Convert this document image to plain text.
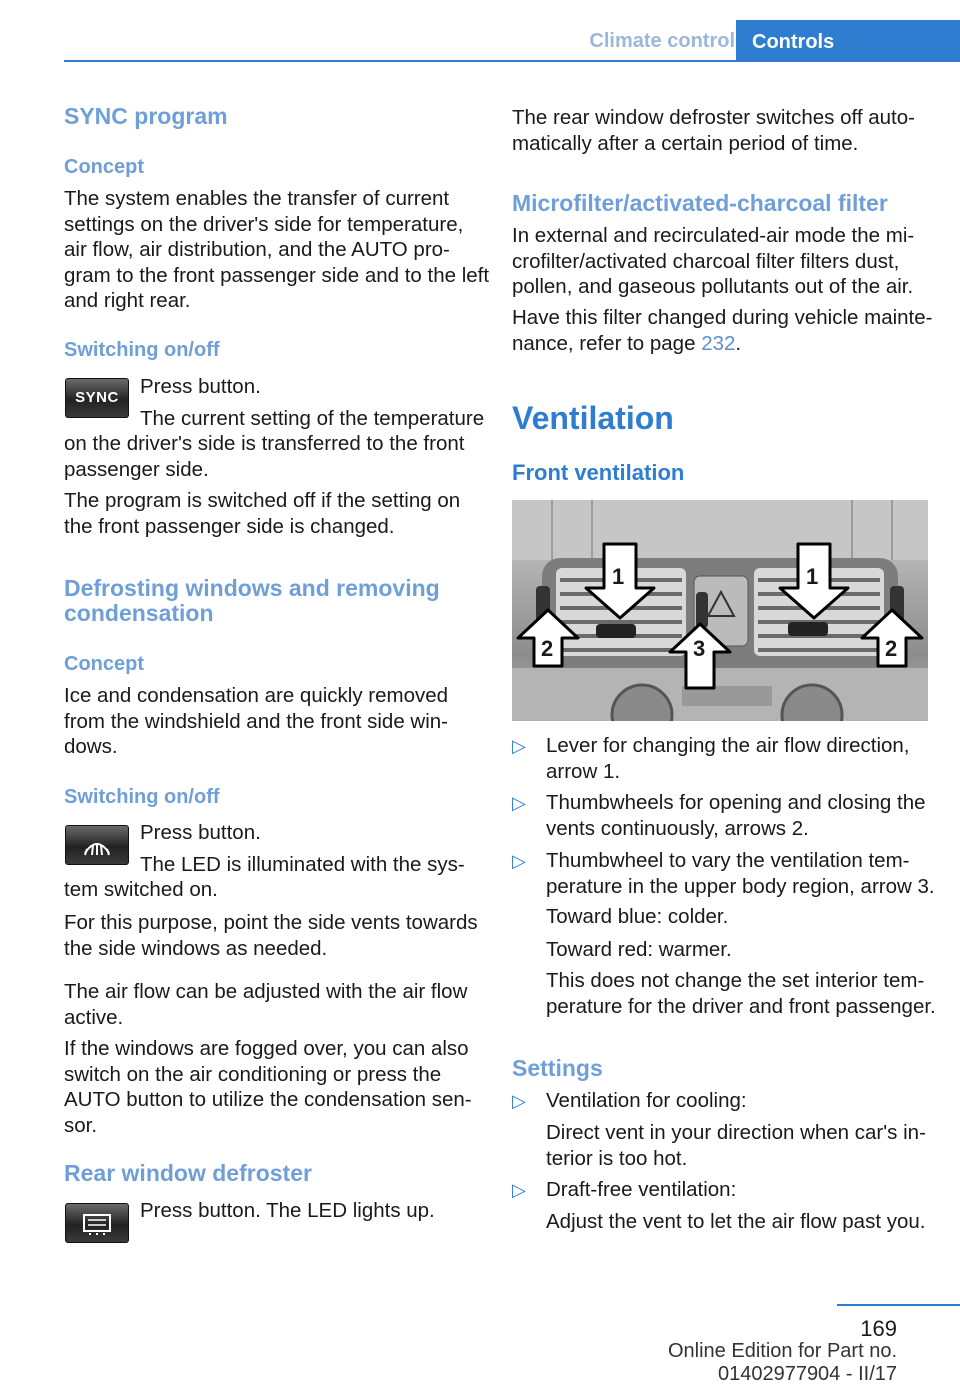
Climate control Controls
SYNC program
Concept
The system enables the transfer of current
settings on the driver's side for temperature,
air flow, air distribution, and the AUTO pro‐
gram to the front passenger side and to the left
and right rear.
Switching on/off
SYNC	Press button.
The current setting of the temperature
on the driver's side is transferred to the front
passenger side.
The program is switched off if the setting on
the front passenger side is changed.
Defrosting windows and removing
condensation
Concept
Ice and condensation are quickly removed
from the windshield and the front side win‐
dows.
Switching on/off
Press button.
The LED is illuminated with the sys‐
tem switched on.
For this purpose, point the side vents towards
the side windows as needed.
The air flow can be adjusted with the air flow
active.
If the windows are fogged over, you can also
switch on the air conditioning or press the
AUTO button to utilize the condensation sen‐
sor.
Rear window defroster
Press button. The LED lights up.
The rear window defroster switches off auto‐
matically after a certain period of time.
Microfilter/activated-charcoal filter
In external and recirculated-air mode the mi‐
crofilter/activated charcoal filter filters dust,
pollen, and gaseous pollutants out of the air.
Have this filter changed during vehicle mainte‐
nance, refer to page 232.
Ventilation
Front ventilation
1	1
2	3	2
▷ Lever for changing the air flow direction,
arrow 1.
▷ Thumbwheels for opening and closing the
vents continuously, arrows 2.
▷ Thumbwheel to vary the ventilation tem‐
perature in the upper body region, arrow 3.
Toward blue: colder.
Toward red: warmer.
This does not change the set interior tem‐
perature for the driver and front passenger.
Settings
▷ Ventilation for cooling:
Direct vent in your direction when car's in‐
terior is too hot.
▷ Draft-free ventilation:
Adjust the vent to let the air flow past you.
169
Online Edition for Part no. 01402977904 - II/17
